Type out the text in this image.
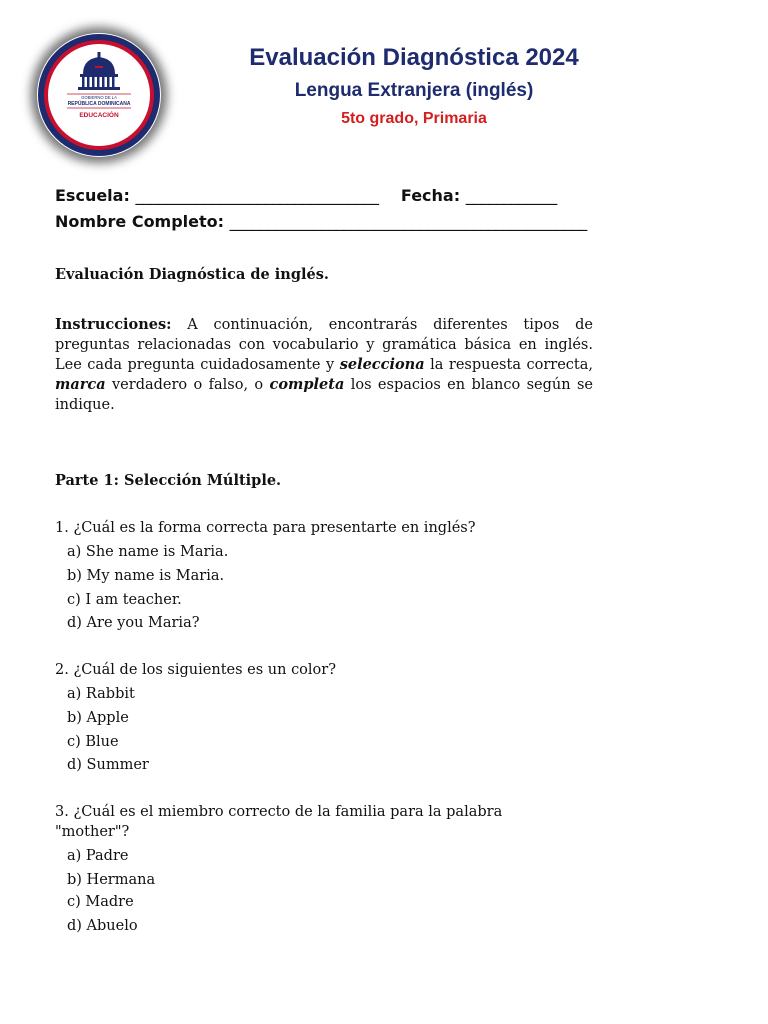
GOBIERNO DE LA
REPÚBLICA DOMINICANA
EDUCACIÓN
Evaluación Diagnóstica 2024
Lengua Extranjera (inglés)
5to grado, Primaria
Escuela: ________________________________ Fecha: ____________
Nombre Completo: _______________________________________________
Evaluación Diagnóstica de inglés.
Instrucciones: A continuación, encontrarás diferentes tipos de preguntas relacionadas con vocabulario y gramática básica en inglés. Lee cada pregunta cuidadosamente y selecciona la respuesta correcta, marca verdadero o falso, o completa los espacios en blanco según se indique.
Parte 1: Selección Múltiple.
1. ¿Cuál es la forma correcta para presentarte en inglés?
a) She name is Maria.
b) My name is Maria.
c) I am teacher.
d) Are you Maria?
2. ¿Cuál de los siguientes es un color?
a) Rabbit
b) Apple
c) Blue
d) Summer
3. ¿Cuál es el miembro correcto de la familia para la palabra "mother"?
a) Padre
b) Hermana
c) Madre
d) Abuelo
